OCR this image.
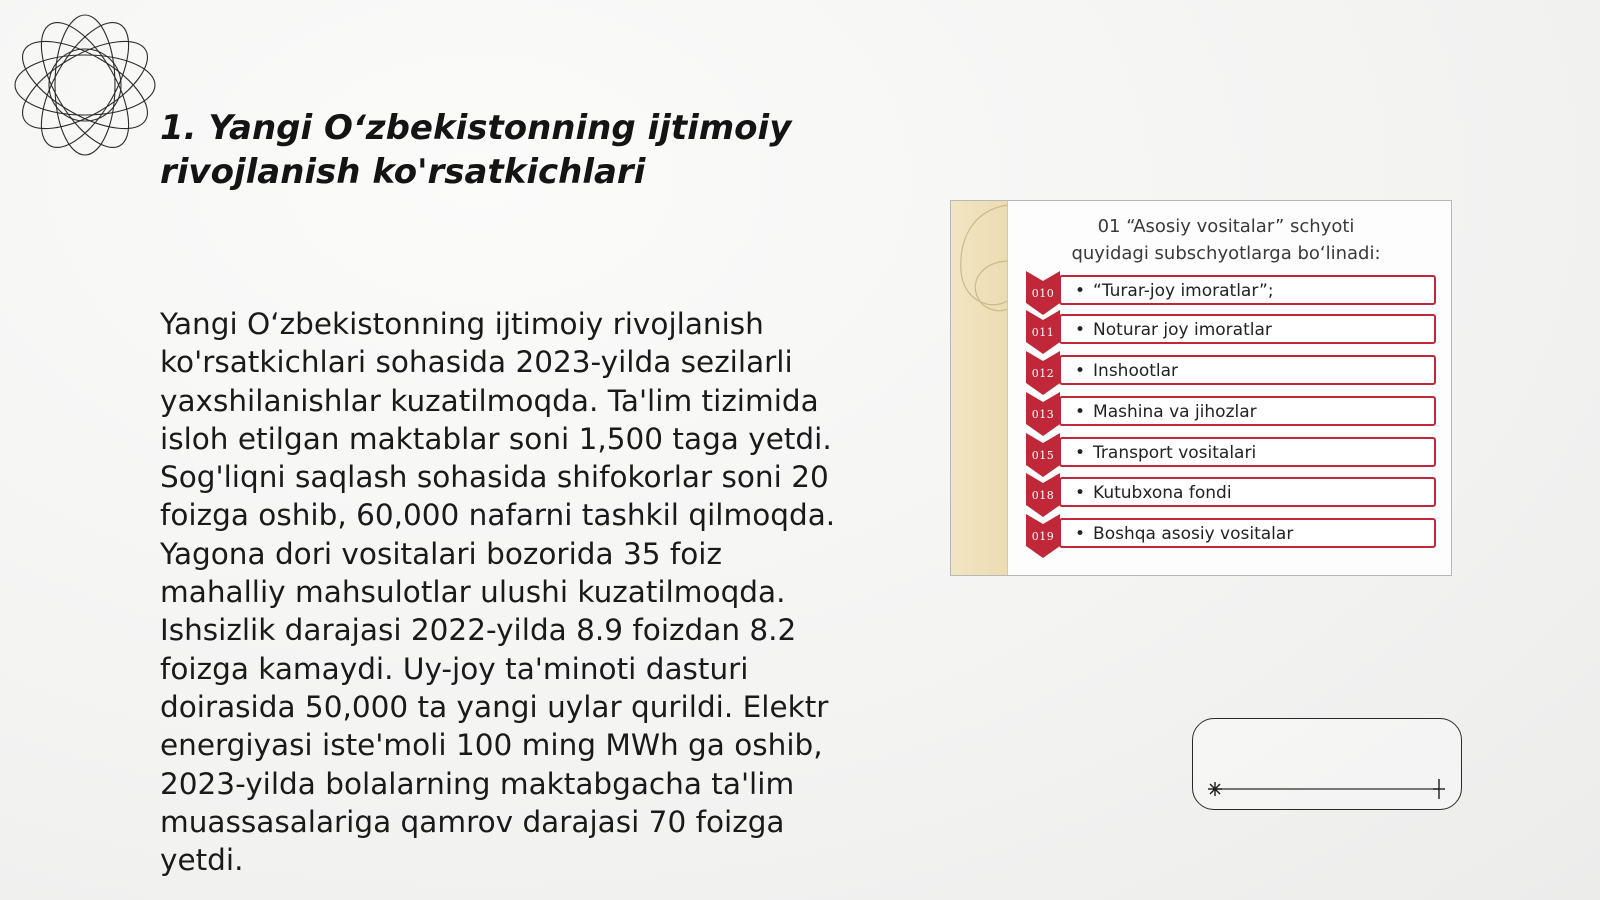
1. Yangi O‘zbekistonning ijtimoiy rivojlanish ko'rsatkichlari

Yangi O‘zbekistonning ijtimoiy rivojlanish ko'rsatkichlari sohasida 2023-yilda sezilarli yaxshilanishlar kuzatilmoqda. Ta'lim tizimida isloh etilgan maktablar soni 1,500 taga yetdi. Sog'liqni saqlash sohasida shifokorlar soni 20 foizga oshib, 60,000 nafarni tashkil qilmoqda. Yagona dori vositalari bozorida 35 foiz mahalliy mahsulotlar ulushi kuzatilmoqda. Ishsizlik darajasi 2022-yilda 8.9 foizdan 8.2 foizga kamaydi. Uy-joy ta'minoti dasturi doirasida 50,000 ta yangi uylar qurildi. Elektr energiyasi iste'moli 100 ming MWh ga oshib, 2023-yilda bolalarning maktabgacha ta'lim muassasalariga qamrov darajasi 70 foizga yetdi.

01 “Asosiy vositalar” schyoti quyidagi subschyotlarga bo‘linadi:
010	• “Turar-joy imoratlar”;
011	• Noturar joy imoratlar
012	• Inshootlar
013	• Mashina va jihozlar
015	• Transport vositalari
018	• Kutubxona fondi
019	• Boshqa asosiy vositalar
